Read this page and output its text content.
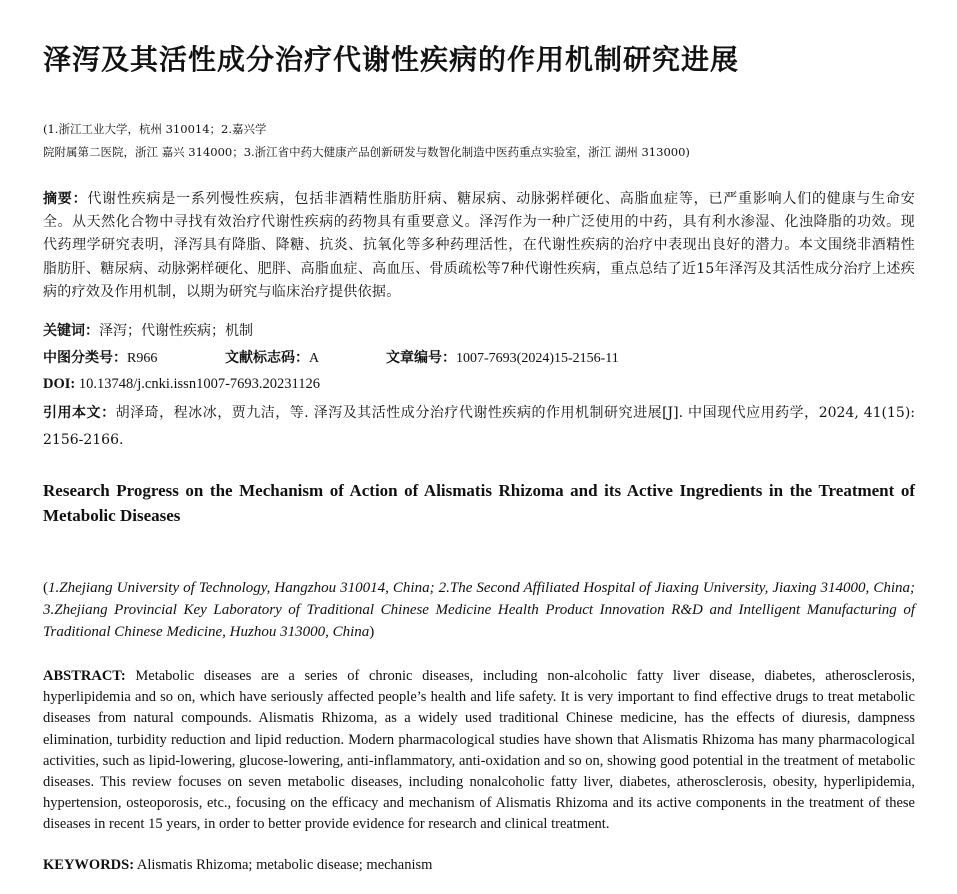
泽泻及其活性成分治疗代谢性疾病的作用机制研究进展
(1.浙江工业大学，杭州 310014；2.嘉兴学
院附属第二医院，浙江 嘉兴 314000；3.浙江省中药大健康产品创新研发与数智化制造中医药重点实验室，浙江 湖州 313000)
摘要：代谢性疾病是一系列慢性疾病，包括非酒精性脂肪肝病、糖尿病、动脉粥样硬化、高脂血症等，已严重影响人们的健康与生命安全。从天然化合物中寻找有效治疗代谢性疾病的药物具有重要意义。泽泻作为一种广泛使用的中药，具有利水渗湿、化浊降脂的功效。现代药理学研究表明，泽泻具有降脂、降糖、抗炎、抗氧化等多种药理活性，在代谢性疾病的治疗中表现出良好的潜力。本文围绕非酒精性脂肪肝、糖尿病、动脉粥样硬化、肥胖、高脂血症、高血压、骨质疏松等7种代谢性疾病，重点总结了近15年泽泻及其活性成分治疗上述疾病的疗效及作用机制，以期为研究与临床治疗提供依据。
关键词：泽泻；代谢性疾病；机制
中图分类号：R966	文献标志码：A	文章编号：1007-7693(2024)15-2156-11
DOI: 10.13748/j.cnki.issn1007-7693.20231126
引用本文：胡泽琦，程冰冰，贾九洁，等. 泽泻及其活性成分治疗代谢性疾病的作用机制研究进展[J]. 中国现代应用药学，2024, 41(15): 2156-2166.
Research Progress on the Mechanism of Action of Alismatis Rhizoma and its Active Ingredients in the Treatment of Metabolic Diseases
(1.Zhejiang University of Technology, Hangzhou 310014, China; 2.The Second Affiliated Hospital of Jiaxing University, Jiaxing 314000, China; 3.Zhejiang Provincial Key Laboratory of Traditional Chinese Medicine Health Product Innovation R&D and Intelligent Manufacturing of Traditional Chinese Medicine, Huzhou 313000, China)
ABSTRACT: Metabolic diseases are a series of chronic diseases, including non-alcoholic fatty liver disease, diabetes, atherosclerosis, hyperlipidemia and so on, which have seriously affected people’s health and life safety. It is very important to find effective drugs to treat metabolic diseases from natural compounds. Alismatis Rhizoma, as a widely used traditional Chinese medicine, has the effects of diuresis, dampness elimination, turbidity reduction and lipid reduction. Modern pharmacological studies have shown that Alismatis Rhizoma has many pharmacological activities, such as lipid-lowering, glucose-lowering, anti-inflammatory, anti-oxidation and so on, showing good potential in the treatment of metabolic diseases. This review focuses on seven metabolic diseases, including nonalcoholic fatty liver, diabetes, atherosclerosis, obesity, hyperlipidemia, hypertension, osteoporosis, etc., focusing on the efficacy and mechanism of Alismatis Rhizoma and its active components in the treatment of these diseases in recent 15 years, in order to better provide evidence for research and clinical treatment.
KEYWORDS: Alismatis Rhizoma; metabolic disease; mechanism
